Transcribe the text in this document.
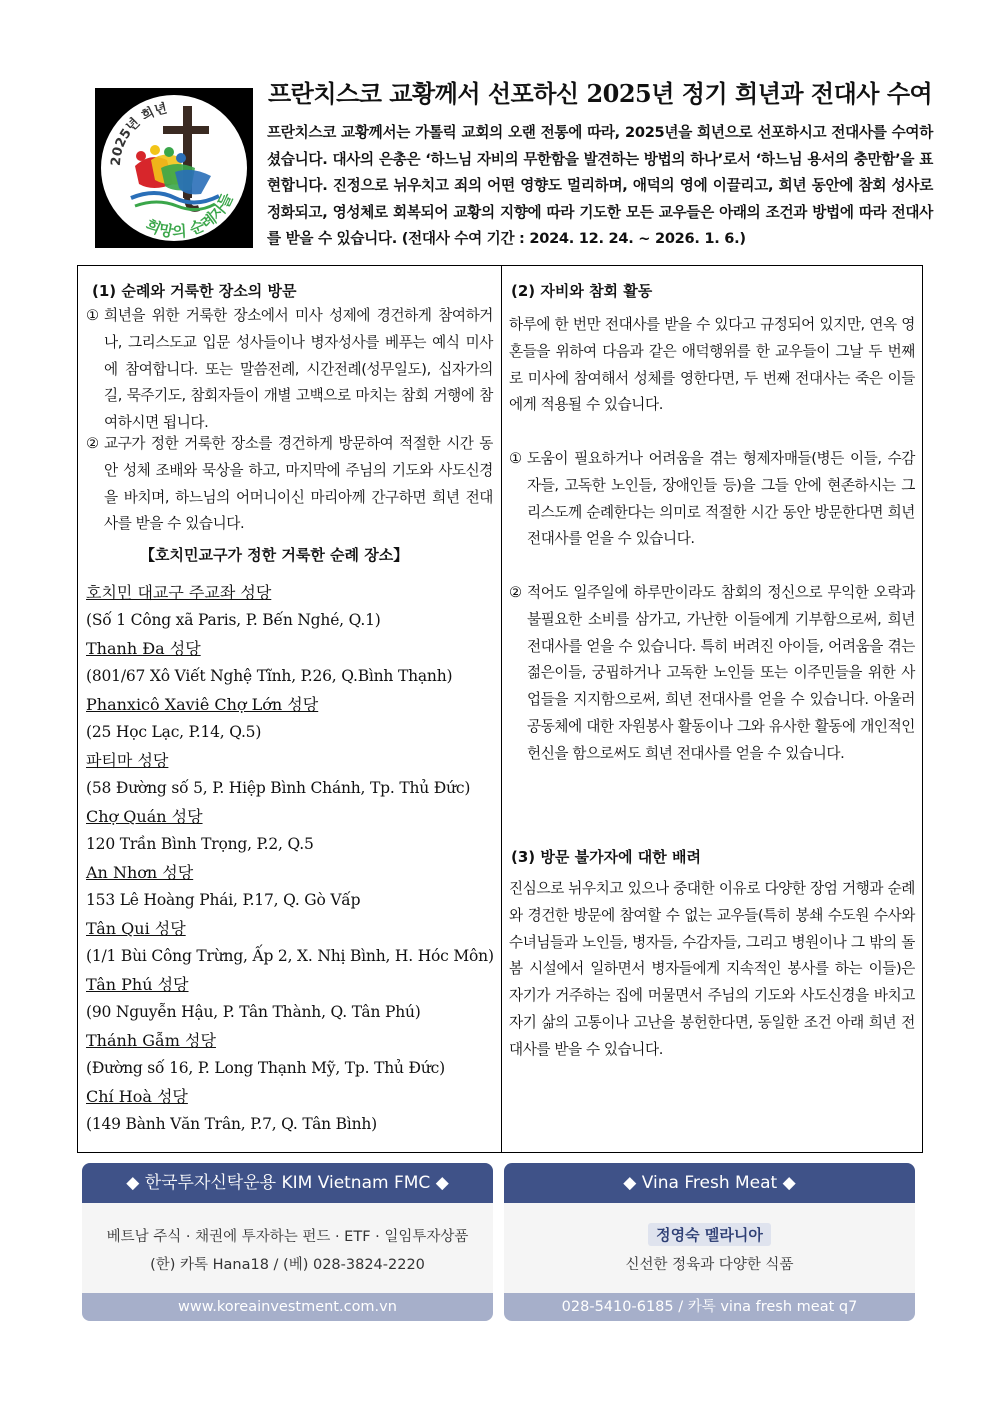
2025년 희년
희망의 순례자들
프란치스코 교황께서 선포하신 2025년 정기 희년과 전대사 수여
프란치스코 교황께서는 가톨릭 교회의 오랜 전통에 따라, 2025년을 희년으로 선포하시고 전대사를 수여하셨습니다. 대사의 은총은 ‘하느님 자비의 무한함을 발견하는 방법의 하나’로서 ‘하느님 용서의 충만함’을 표현합니다. 진정으로 뉘우치고 죄의 어떤 영향도 멀리하며, 애덕의 영에 이끌리고, 희년 동안에 참회 성사로 정화되고, 영성체로 회복되어 교황의 지향에 따라 기도한 모든 교우들은 아래의 조건과 방법에 따라 전대사를 받을 수 있습니다. (전대사 수여 기간 : 2024. 12. 24. ~ 2026. 1. 6.)
(1) 순례와 거룩한 장소의 방문
① 희년을 위한 거룩한 장소에서 미사 성제에 경건하게 참여하거나, 그리스도교 입문 성사들이나 병자성사를 베푸는 예식 미사에 참여합니다. 또는 말씀전례, 시간전례(성무일도), 십자가의 길, 묵주기도, 참회자들이 개별 고백으로 마치는 참회 거행에 참여하시면 됩니다.
② 교구가 정한 거룩한 장소를 경건하게 방문하여 적절한 시간 동안 성체 조배와 묵상을 하고, 마지막에 주님의 기도와 사도신경을 바치며, 하느님의 어머니이신 마리아께 간구하면 희년 전대사를 받을 수 있습니다.
【호치민교구가 정한 거룩한 순례 장소】
호치민 대교구 주교좌 성당
(Số 1 Công xã Paris, P. Bến Nghé, Q.1)
Thanh Đa 성당
(801/67 Xô Viết Nghệ Tĩnh, P.26, Q.Bình Thạnh)
Phanxicô Xaviê Chợ Lớn 성당
(25 Học Lạc, P.14, Q.5)
파티마 성당
(58 Đường số 5, P. Hiệp Bình Chánh, Tp. Thủ Đức)
Chợ Quán 성당
120 Trần Bình Trọng, P.2, Q.5
An Nhơn 성당
153 Lê Hoàng Phái, P.17, Q. Gò Vấp
Tân Qui 성당
(1/1 Bùi Công Trừng, Ấp 2, X. Nhị Bình, H. Hóc Môn)
Tân Phú 성당
(90 Nguyễn Hậu, P. Tân Thành, Q. Tân Phú)
Thánh Gẫm 성당
(Đường số 16, P. Long Thạnh Mỹ, Tp. Thủ Đức)
Chí Hoà 성당
(149 Bành Văn Trân, P.7, Q. Tân Bình)
(2) 자비와 참회 활동
하루에 한 번만 전대사를 받을 수 있다고 규정되어 있지만, 연옥 영혼들을 위하여 다음과 같은 애덕행위를 한 교우들이 그날 두 번째로 미사에 참여해서 성체를 영한다면, 두 번째 전대사는 죽은 이들에게 적용될 수 있습니다.
① 도움이 필요하거나 어려움을 겪는 형제자매들(병든 이들, 수감자들, 고독한 노인들, 장애인들 등)을 그들 안에 현존하시는 그리스도께 순례한다는 의미로 적절한 시간 동안 방문한다면 희년 전대사를 얻을 수 있습니다.
② 적어도 일주일에 하루만이라도 참회의 정신으로 무익한 오락과 불필요한 소비를 삼가고, 가난한 이들에게 기부함으로써, 희년 전대사를 얻을 수 있습니다. 특히 버려진 아이들, 어려움을 겪는 젊은이들, 궁핍하거나 고독한 노인들 또는 이주민들을 위한 사업들을 지지함으로써, 희년 전대사를 얻을 수 있습니다. 아울러 공동체에 대한 자원봉사 활동이나 그와 유사한 활동에 개인적인 헌신을 함으로써도 희년 전대사를 얻을 수 있습니다.
(3) 방문 불가자에 대한 배려
진심으로 뉘우치고 있으나 중대한 이유로 다양한 장엄 거행과 순례와 경건한 방문에 참여할 수 없는 교우들(특히 봉쇄 수도원 수사와 수녀님들과 노인들, 병자들, 수감자들, 그리고 병원이나 그 밖의 돌봄 시설에서 일하면서 병자들에게 지속적인 봉사를 하는 이들)은 자기가 거주하는 집에 머물면서 주님의 기도와 사도신경을 바치고 자기 삶의 고통이나 고난을 봉헌한다면, 동일한 조건 아래 희년 전대사를 받을 수 있습니다.
◆ 한국투자신탁운용 KIM Vietnam FMC ◆
베트남 주식 · 채권에 투자하는 펀드 · ETF · 일임투자상품
(한) 카톡 Hana18 / (베) 028-3824-2220
www.koreainvestment.com.vn
◆ Vina Fresh Meat ◆
정영숙 멜라니아
신선한 정육과 다양한 식품
028-5410-6185 / 카톡 vina fresh meat q7
